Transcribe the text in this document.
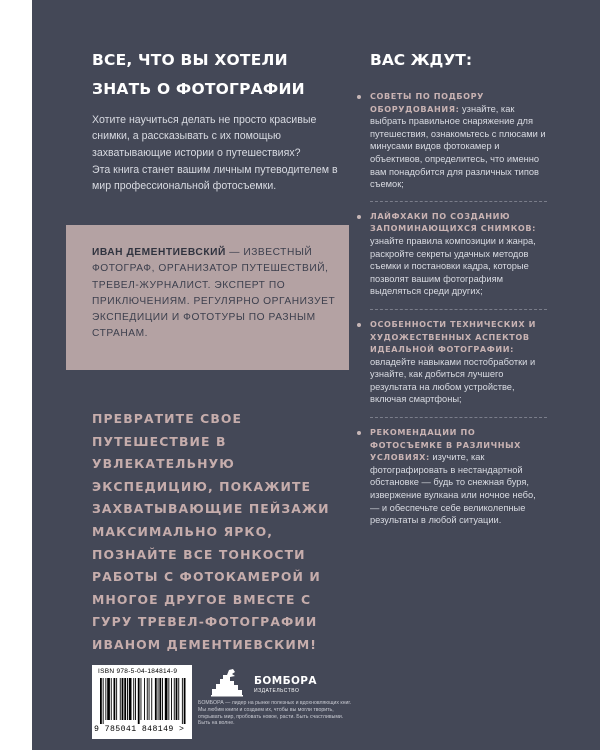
ВСЕ, ЧТО ВЫ ХОТЕЛИ
ЗНАТЬ О ФОТОГРАФИИ

Хотите научиться делать не просто красивые снимки, а рассказывать с их помощью захватывающие истории о путешествиях?

Эта книга станет вашим личным путеводителем в мир профессиональной фотосъемки.

ИВАН ДЕМЕНТИЕВСКИЙ — ИЗВЕСТНЫЙ ФОТОГРАФ, ОРГАНИЗАТОР ПУТЕШЕСТВИЙ, ТРЕВЕЛ-ЖУРНАЛИСТ. ЭКСПЕРТ ПО ПРИКЛЮЧЕНИЯМ. РЕГУЛЯРНО ОРГАНИЗУЕТ ЭКСПЕДИЦИИ И ФОТОТУРЫ ПО РАЗНЫМ СТРАНАМ.

ПРЕВРАТИТЕ СВОЕ ПУТЕШЕСТВИЕ В УВЛЕКАТЕЛЬНУЮ ЭКСПЕДИЦИЮ, ПОКАЖИТЕ ЗАХВАТЫВАЮЩИЕ ПЕЙЗАЖИ МАКСИМАЛЬНО ЯРКО, ПОЗНАЙТЕ ВСЕ ТОНКОСТИ РАБОТЫ С ФОТОКАМЕРОЙ И МНОГОЕ ДРУГОЕ ВМЕСТЕ С ГУРУ ТРЕВЕЛ-ФОТОГРАФИИ ИВАНОМ ДЕМЕНТИЕВСКИМ!

ВАС ЖДУТ:
СОВЕТЫ ПО ПОДБОРУ ОБОРУДОВАНИЯ: узнайте, как выбрать правильное снаряжение для путешествия, ознакомьтесь с плюсами и минусами видов фотокамер и объективов, определитесь, что именно вам понадобится для различных типов съемок;
ЛАЙФХАКИ ПО СОЗДАНИЮ ЗАПОМИНАЮЩИХСЯ СНИМКОВ: узнайте правила композиции и жанра, раскройте секреты удачных методов съемки и постановки кадра, которые позволят вашим фотографиям выделяться среди других;
ОСОБЕННОСТИ ТЕХНИЧЕСКИХ И ХУДОЖЕСТВЕННЫХ АСПЕКТОВ ИДЕАЛЬНОЙ ФОТОГРАФИИ: овладейте навыками постобработки и узнайте, как добиться лучшего результата на любом устройстве, включая смартфоны;
РЕКОМЕНДАЦИИ ПО ФОТОСЪЕМКЕ В РАЗЛИЧНЫХ УСЛОВИЯХ: изучите, как фотографировать в нестандартной обстановке — будь то снежная буря, извержение вулкана или ночное небо, — и обеспечьте себе великолепные результаты в любой ситуации.

ISBN 978-5-04-184814-9

9 785041 848149 >

БОМБОРА

ИЗДАТЕЛЬСТВО

БОМБОРА — лидер на рынке полезных и вдохновляющих книг. Мы любим книги и создаем их, чтобы вы могли творить, открывать мир, пробовать новое, расти. Быть счастливыми. Быть на волне.
